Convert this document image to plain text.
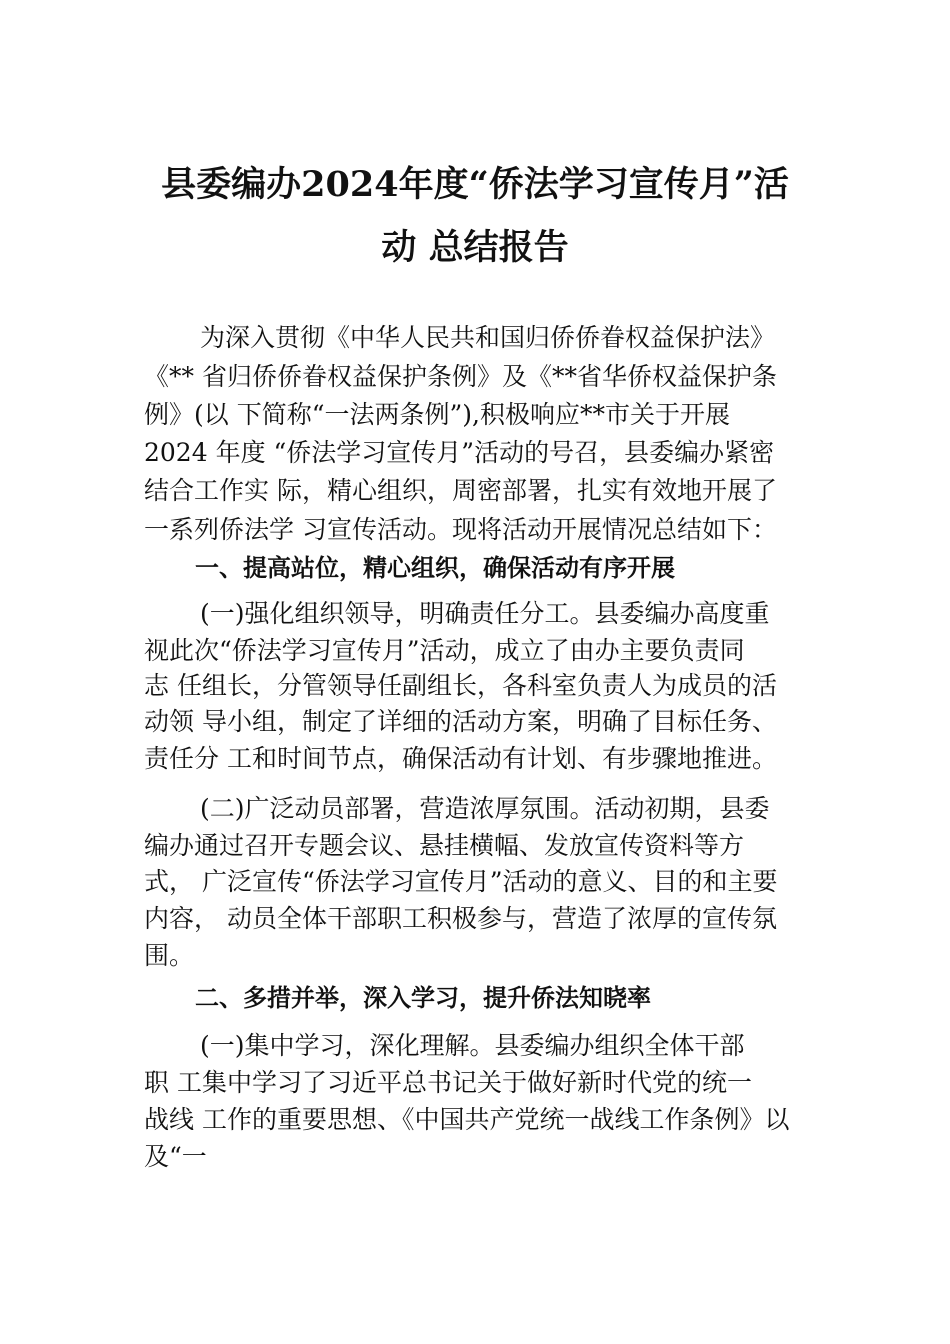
县委编办2024年度“侨法学习宣传月”活
动 总结报告
为深入贯彻《中华人民共和国归侨侨眷权益保护法》
《** 省归侨侨眷权益保护条例》及《**省华侨权益保护条
例》(以 下简称“一法两条例”),积极响应**市关于开展
2024 年度 “侨法学习宣传月”活动的号召，县委编办紧密
结合工作实 际，精心组织，周密部署，扎实有效地开展了
一系列侨法学 习宣传活动。现将活动开展情况总结如下：
一、提高站位，精心组织，确保活动有序开展
(一)强化组织领导，明确责任分工。县委编办高度重
视此次“侨法学习宣传月”活动，成立了由办主要负责同
志 任组长，分管领导任副组长，各科室负责人为成员的活
动领 导小组，制定了详细的活动方案，明确了目标任务、
责任分 工和时间节点，确保活动有计划、有步骤地推进。
(二)广泛动员部署，营造浓厚氛围。活动初期，县委
编办通过召开专题会议、悬挂横幅、发放宣传资料等方
式， 广泛宣传“侨法学习宣传月”活动的意义、目的和主要
内容， 动员全体干部职工积极参与，营造了浓厚的宣传氛
围。
二、多措并举，深入学习，提升侨法知晓率
(一)集中学习，深化理解。县委编办组织全体干部
职 工集中学习了习近平总书记关于做好新时代党的统一
战线 工作的重要思想、《中国共产党统一战线工作条例》以
及“一
